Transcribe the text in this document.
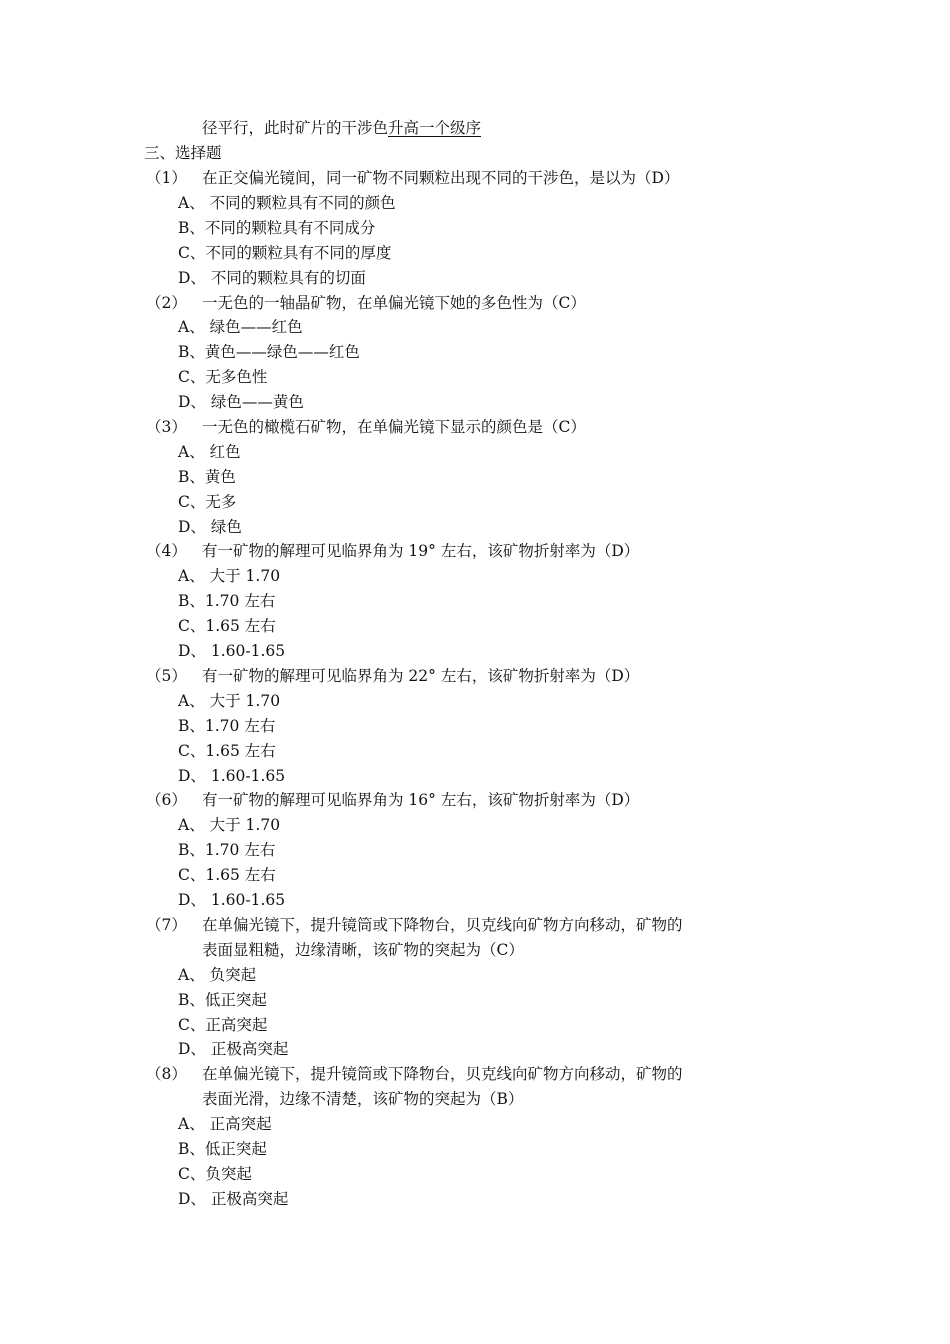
径平行，此时矿片的干涉色升高一个级序
三、选择题
（1） 在正交偏光镜间，同一矿物不同颗粒出现不同的干涉色，是以为（D）
A、 不同的颗粒具有不同的颜色
B、不同的颗粒具有不同成分
C、不同的颗粒具有不同的厚度
D、 不同的颗粒具有的切面
（2） 一无色的一轴晶矿物，在单偏光镜下她的多色性为（C）
A、 绿色——红色
B、黄色——绿色——红色
C、无多色性
D、 绿色——黄色
（3） 一无色的橄榄石矿物，在单偏光镜下显示的颜色是（C）
A、 红色
B、黄色
C、无多
D、 绿色
（4） 有一矿物的解理可见临界角为 19° 左右，该矿物折射率为（D）
A、 大于 1.70
B、1.70 左右
C、1.65 左右
D、 1.60-1.65
（5） 有一矿物的解理可见临界角为 22° 左右，该矿物折射率为（D）
A、 大于 1.70
B、1.70 左右
C、1.65 左右
D、 1.60-1.65
（6） 有一矿物的解理可见临界角为 16° 左右，该矿物折射率为（D）
A、 大于 1.70
B、1.70 左右
C、1.65 左右
D、 1.60-1.65
（7） 在单偏光镜下，提升镜筒或下降物台，贝克线向矿物方向移动，矿物的
表面显粗糙，边缘清晰，该矿物的突起为（C）
A、 负突起
B、低正突起
C、正高突起
D、 正极高突起
（8） 在单偏光镜下，提升镜筒或下降物台，贝克线向矿物方向移动，矿物的
表面光滑，边缘不清楚，该矿物的突起为（B）
A、 正高突起
B、低正突起
C、负突起
D、 正极高突起
